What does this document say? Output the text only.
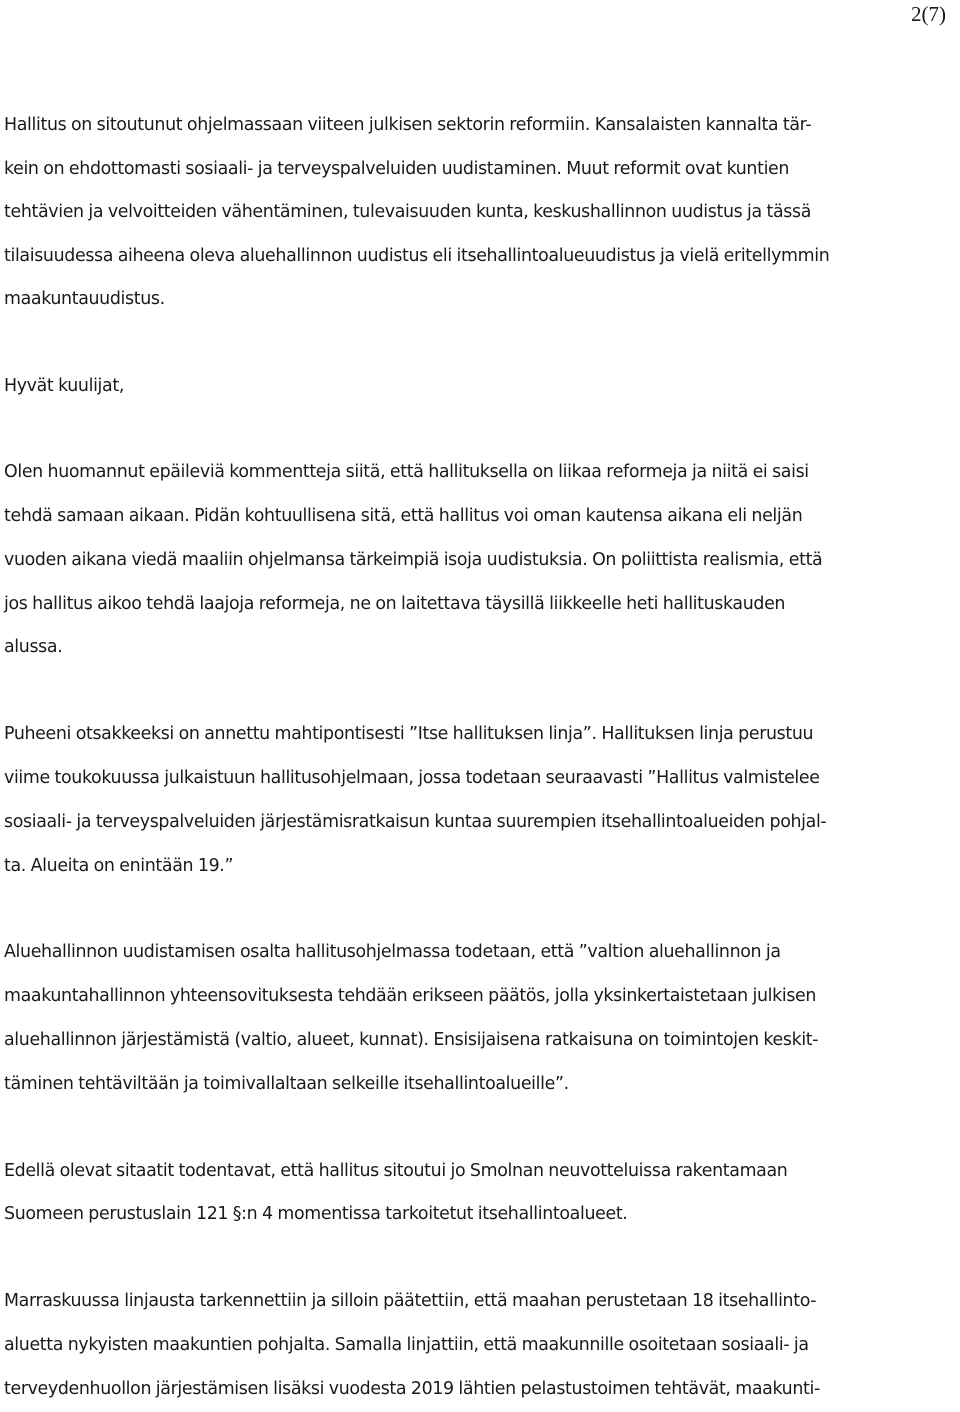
2(7)
Hallitus on sitoutunut ohjelmassaan viiteen julkisen sektorin reformiin. Kansalaisten kannalta tär-
kein on ehdottomasti sosiaali- ja terveyspalveluiden uudistaminen. Muut reformit ovat kuntien
tehtävien ja velvoitteiden vähentäminen, tulevaisuuden kunta, keskushallinnon uudistus ja tässä
tilaisuudessa aiheena oleva aluehallinnon uudistus eli itsehallintoalueuudistus ja vielä eritellymmin
maakuntauudistus.
Hyvät kuulijat,
Olen huomannut epäileviä kommentteja siitä, että hallituksella on liikaa reformeja ja niitä ei saisi
tehdä samaan aikaan. Pidän kohtuullisena sitä, että hallitus voi oman kautensa aikana eli neljän
vuoden aikana viedä maaliin ohjelmansa tärkeimpiä isoja uudistuksia. On poliittista realismia, että
jos hallitus aikoo tehdä laajoja reformeja, ne on laitettava täysillä liikkeelle heti hallituskauden
alussa.
Puheeni otsakkeeksi on annettu mahtipontisesti ”Itse hallituksen linja”. Hallituksen linja perustuu
viime toukokuussa julkaistuun hallitusohjelmaan, jossa todetaan seuraavasti ”Hallitus valmistelee
sosiaali- ja terveyspalveluiden järjestämisratkaisun kuntaa suurempien itsehallintoalueiden pohjal-
ta. Alueita on enintään 19.”
Aluehallinnon uudistamisen osalta hallitusohjelmassa todetaan, että ”valtion aluehallinnon ja
maakuntahallinnon yhteensovituksesta tehdään erikseen päätös, jolla yksinkertaistetaan julkisen
aluehallinnon järjestämistä (valtio, alueet, kunnat). Ensisijaisena ratkaisuna on toimintojen keskit-
täminen tehtäviltään ja toimivallaltaan selkeille itsehallintoalueille”.
Edellä olevat sitaatit todentavat, että hallitus sitoutui jo Smolnan neuvotteluissa rakentamaan
Suomeen perustuslain 121 §:n 4 momentissa tarkoitetut itsehallintoalueet.
Marraskuussa linjausta tarkennettiin ja silloin päätettiin, että maahan perustetaan 18 itsehallinto-
aluetta nykyisten maakuntien pohjalta. Samalla linjattiin, että maakunnille osoitetaan sosiaali- ja
terveydenhuollon järjestämisen lisäksi vuodesta 2019 lähtien pelastustoimen tehtävät, maakunti-
